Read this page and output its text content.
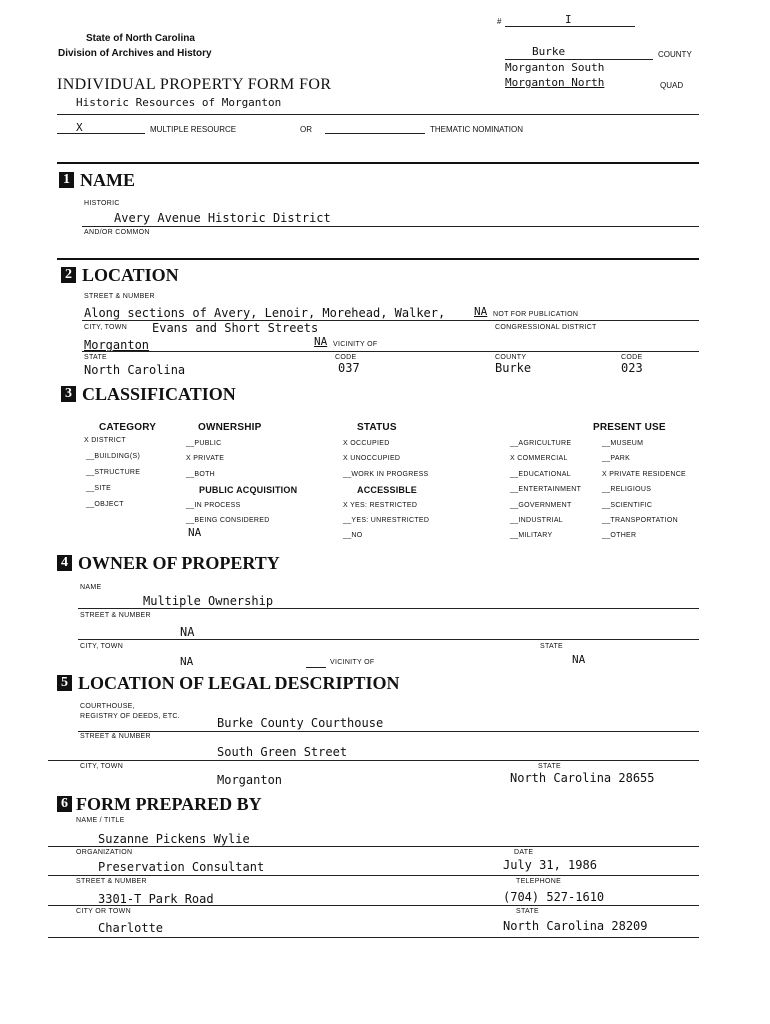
#	I
State of North Carolina
Division of Archives and History	Burke	COUNTY
Morganton South
Morganton North	QUAD
INDIVIDUAL PROPERTY FORM FOR
Historic Resources of Morganton
X	MULTIPLE RESOURCE	OR	THEMATIC NOMINATION
1 NAME
HISTORIC
Avery Avenue Historic District
AND/OR COMMON
2 LOCATION
STREET & NUMBER
Along sections of Avery, Lenoir, Morehead, Walker,	NA NOT FOR PUBLICATION
CITY, TOWN Evans and Short Streets	CONGRESSIONAL DISTRICT
Morganton	NA VICINITY OF
STATE	CODE	COUNTY	CODE
North Carolina	037	Burke	023
3 CLASSIFICATION
CATEGORY	OWNERSHIP	STATUS	PRESENT USE
X DISTRICT
__BUILDING(S)
__STRUCTURE
__SITE
__OBJECT
__PUBLIC
X PRIVATE
__BOTH
PUBLIC ACQUISITION
__IN PROCESS
__BEING CONSIDERED
NA
X OCCUPIED
X UNOCCUPIED
__WORK IN PROGRESS
ACCESSIBLE
X YES: RESTRICTED
__YES: UNRESTRICTED
__NO
__AGRICULTURE
X COMMERCIAL
__EDUCATIONAL
__ENTERTAINMENT
__GOVERNMENT
__INDUSTRIAL
__MILITARY
__MUSEUM
__PARK
X PRIVATE RESIDENCE
__RELIGIOUS
__SCIENTIFIC
__TRANSPORTATION
__OTHER
4 OWNER OF PROPERTY
NAME
Multiple Ownership
STREET & NUMBER
NA
CITY, TOWN	STATE
NA	VICINITY OF	NA
5 LOCATION OF LEGAL DESCRIPTION
COURTHOUSE,
REGISTRY OF DEEDS, ETC.	Burke County Courthouse
STREET & NUMBER
South Green Street
CITY, TOWN	STATE
Morganton	North Carolina 28655
6 FORM PREPARED BY
NAME / TITLE
Suzanne Pickens Wylie
ORGANIZATION	DATE
Preservation Consultant	July 31, 1986
STREET & NUMBER	TELEPHONE
3301-T Park Road	(704) 527-1610
CITY OR TOWN	STATE
Charlotte	North Carolina 28209
